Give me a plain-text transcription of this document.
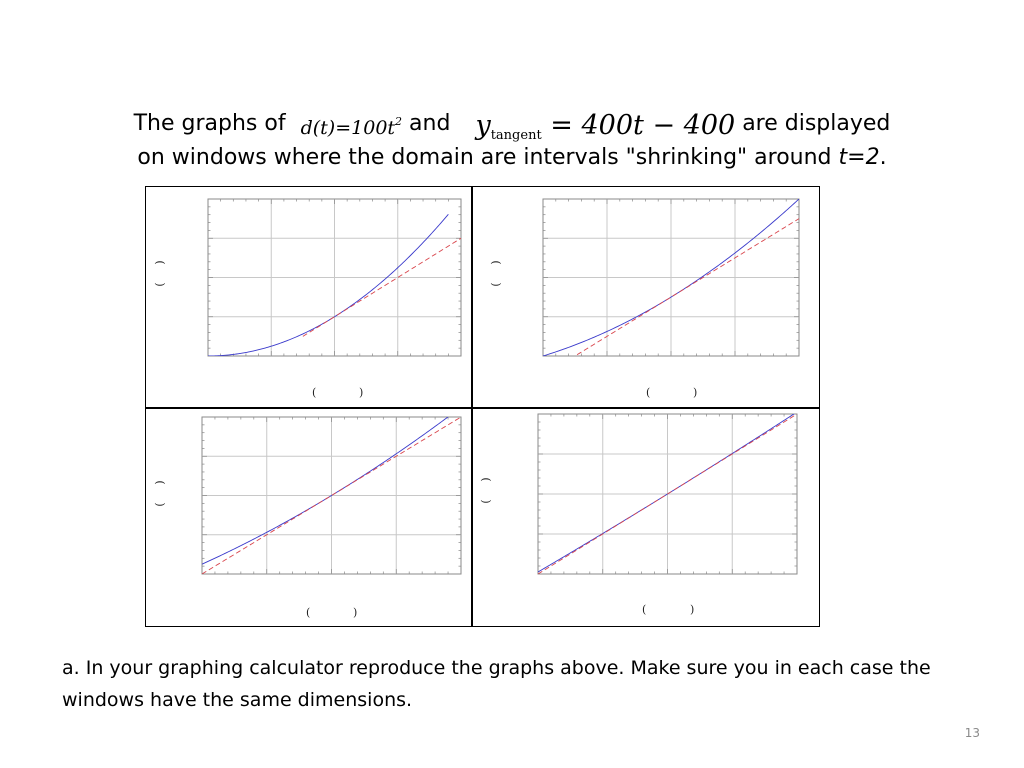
The graphs of $d(t)=100t^2$ and $y_{tangent} = 400t - 400$ are displayed
on windows where the domain are intervals "shrinking" around t=2.
(
)
(	)
(
)
(	)
(
)
(	)
(
)
(	)
a. In your graphing calculator reproduce the graphs above. Make sure you in each case the windows have the same dimensions.
13
